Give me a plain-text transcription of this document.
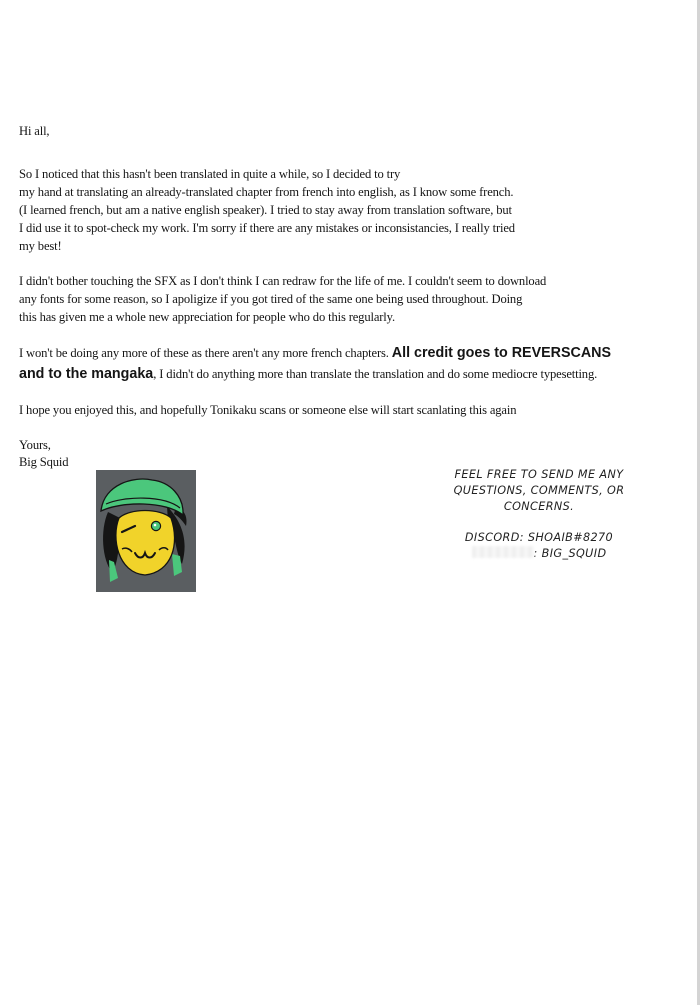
Hi all,
So I noticed that this hasn't been translated in quite a while, so I decided to try
my hand at translating an already-translated chapter from french into english, as I know some french.
(I learned french, but am a native english speaker). I tried to stay away from translation software, but
I did use it to spot-check my work. I'm sorry if there are any mistakes or inconsistancies, I really tried
my best!
I didn't bother touching the SFX as I don't think I can redraw for the life of me. I couldn't seem to download
any fonts for some reason, so I apoligize if you got tired of the same one being used throughout. Doing
this has given me a whole new appreciation for people who do this regularly.
I won't be doing any more of these as there aren't any more french chapters. All credit goes to REVERSCANS
and to the mangaka, I didn't do anything more than translate the translation and do some mediocre typesetting.
I hope you enjoyed this, and hopefully Tonikaku scans or someone else will start scanlating this again
Yours,
Big Squid
FEEL FREE TO SEND ME ANY
QUESTIONS, COMMENTS, OR
CONCERNS.
DISCORD: SHOAIB#8270
: BIG_SQUID
